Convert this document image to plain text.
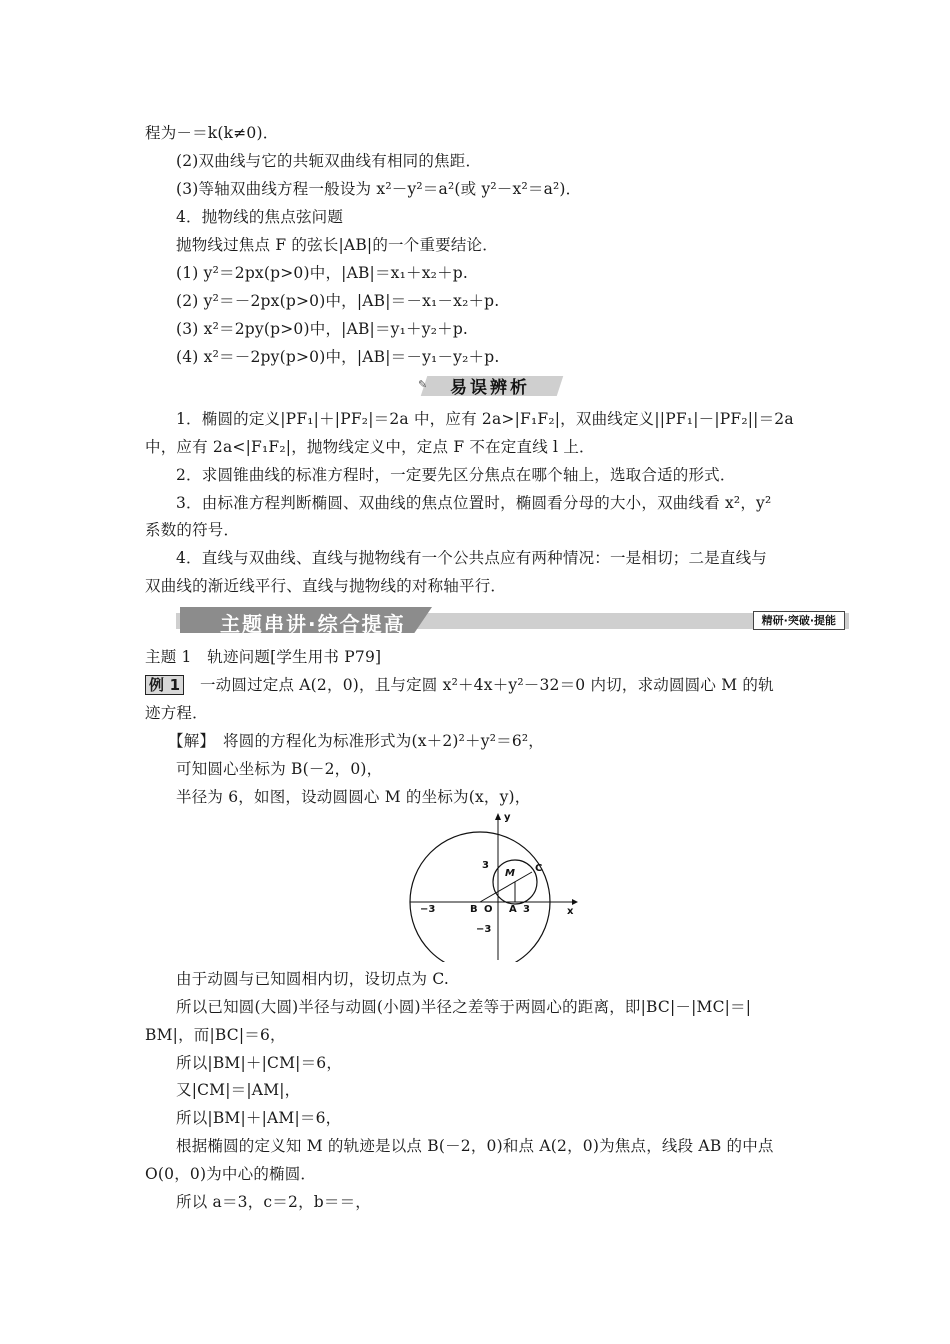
程为－＝k(k≠0)．
(2)双曲线与它的共轭双曲线有相同的焦距．
(3)等轴双曲线方程一般设为 x²－y²＝a²(或 y²－x²＝a²)．
4．抛物线的焦点弦问题
抛物线过焦点 F 的弦长|AB|的一个重要结论．
(1) y²＝2px(p>0)中，|AB|＝x₁＋x₂＋p.
(2) y²＝－2px(p>0)中，|AB|＝－x₁－x₂＋p.
(3) x²＝2py(p>0)中，|AB|＝y₁＋y₂＋p.
(4) x²＝－2py(p>0)中，|AB|＝－y₁－y₂＋p.
✎ 易误辨析
1．椭圆的定义|PF₁|＋|PF₂|＝2a 中，应有 2a>|F₁F₂|，双曲线定义||PF₁|－|PF₂||＝2a
中，应有 2a<|F₁F₂|，抛物线定义中，定点 F 不在定直线 l 上．
2．求圆锥曲线的标准方程时，一定要先区分焦点在哪个轴上，选取合适的形式．
3．由标准方程判断椭圆、双曲线的焦点位置时，椭圆看分母的大小，双曲线看 x²，y²
系数的符号．
4．直线与双曲线、直线与抛物线有一个公共点应有两种情况：一是相切；二是直线与
双曲线的渐近线平行、直线与抛物线的对称轴平行．
主题串讲·综合提高	精研·突破·提能
主题 1　轨迹问题[学生用书 P79]
例 1　一动圆过定点 A(2，0)，且与定圆 x²＋4x＋y²－32＝0 内切，求动圆圆心 M 的轨
迹方程．
【解】　将圆的方程化为标准形式为(x＋2)²＋y²＝6²，
可知圆心坐标为 B(－2，0)，
半径为 6，如图，设动圆圆心 M 的坐标为(x，y)，
y
x
3
−3
−3	B O A 3
M C
由于动圆与已知圆相内切，设切点为 C.
所以已知圆(大圆)半径与动圆(小圆)半径之差等于两圆心的距离，即|BC|－|MC|＝|
BM|，而|BC|＝6，
所以|BM|＋|CM|＝6，
又|CM|＝|AM|，
所以|BM|＋|AM|＝6，
根据椭圆的定义知 M 的轨迹是以点 B(－2，0)和点 A(2，0)为焦点，线段 AB 的中点
O(0，0)为中心的椭圆．
所以 a＝3，c＝2，b＝＝，
